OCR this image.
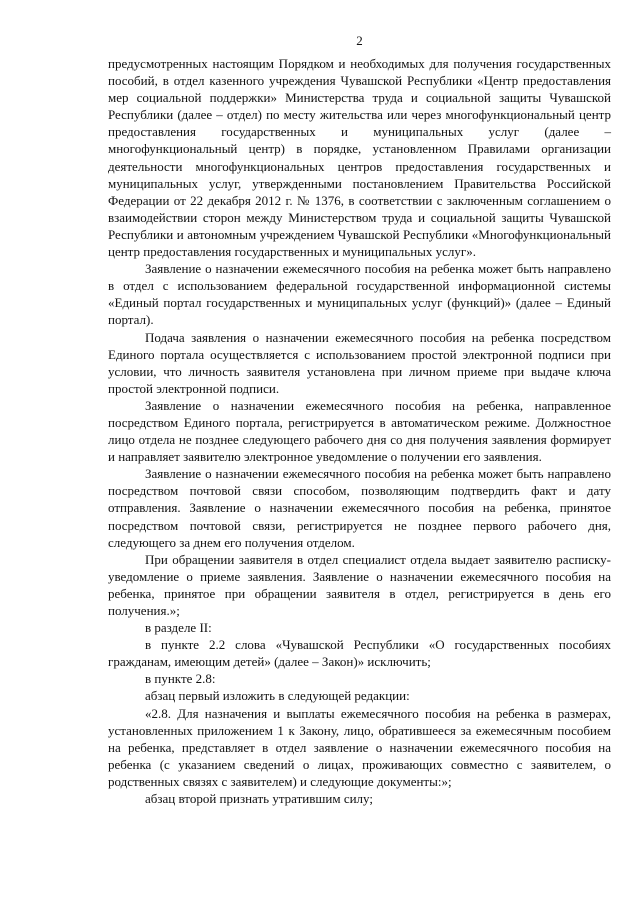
2

предусмотренных настоящим Порядком и необходимых для получения государственных пособий, в отдел казенного учреждения Чувашской Республики «Центр предоставления мер социальной поддержки» Министерства труда и социальной защиты Чувашской Республики (далее – отдел) по месту жительства или через многофункциональный центр предоставления государственных и муниципальных услуг (далее – многофункциональный центр) в порядке, установленном Правилами организации деятельности многофункциональных центров предоставления государственных и муниципальных услуг, утвержденными постановлением Правительства Российской Федерации от 22 декабря 2012 г. № 1376, в соответствии с заключенным соглашением о взаимодействии сторон между Министерством труда и социальной защиты Чувашской Республики и автономным учреждением Чувашской Республики «Многофункциональный центр предоставления государственных и муниципальных услуг».

Заявление о назначении ежемесячного пособия на ребенка может быть направлено в отдел с использованием федеральной государственной информационной системы «Единый портал государственных и муниципальных услуг (функций)» (далее – Единый портал).

Подача заявления о назначении ежемесячного пособия на ребенка посредством Единого портала осуществляется с использованием простой электронной подписи при условии, что личность заявителя установлена при личном приеме при выдаче ключа простой электронной подписи.

Заявление о назначении ежемесячного пособия на ребенка, направленное посредством Единого портала, регистрируется в автоматическом режиме. Должностное лицо отдела не позднее следующего рабочего дня со дня получения заявления формирует и направляет заявителю электронное уведомление о получении его заявления.

Заявление о назначении ежемесячного пособия на ребенка может быть направлено посредством почтовой связи способом, позволяющим подтвердить факт и дату отправления. Заявление о назначении ежемесячного пособия на ребенка, принятое посредством почтовой связи, регистрируется не позднее первого рабочего дня, следующего за днем его получения отделом.

При обращении заявителя в отдел специалист отдела выдает заявителю расписку-уведомление о приеме заявления. Заявление о назначении ежемесячного пособия на ребенка, принятое при обращении заявителя в отдел, регистрируется в день его получения.»;

в разделе II:

в пункте 2.2 слова «Чувашской Республики «О государственных пособиях гражданам, имеющим детей» (далее – Закон)» исключить;

в пункте 2.8:

абзац первый изложить в следующей редакции:

«2.8. Для назначения и выплаты ежемесячного пособия на ребенка в размерах, установленных приложением 1 к Закону, лицо, обратившееся за ежемесячным пособием на ребенка, представляет в отдел заявление о назначении ежемесячного пособия на ребенка (с указанием сведений о лицах, проживающих совместно с заявителем, о родственных связях с заявителем) и следующие документы:»;

абзац второй признать утратившим силу;
